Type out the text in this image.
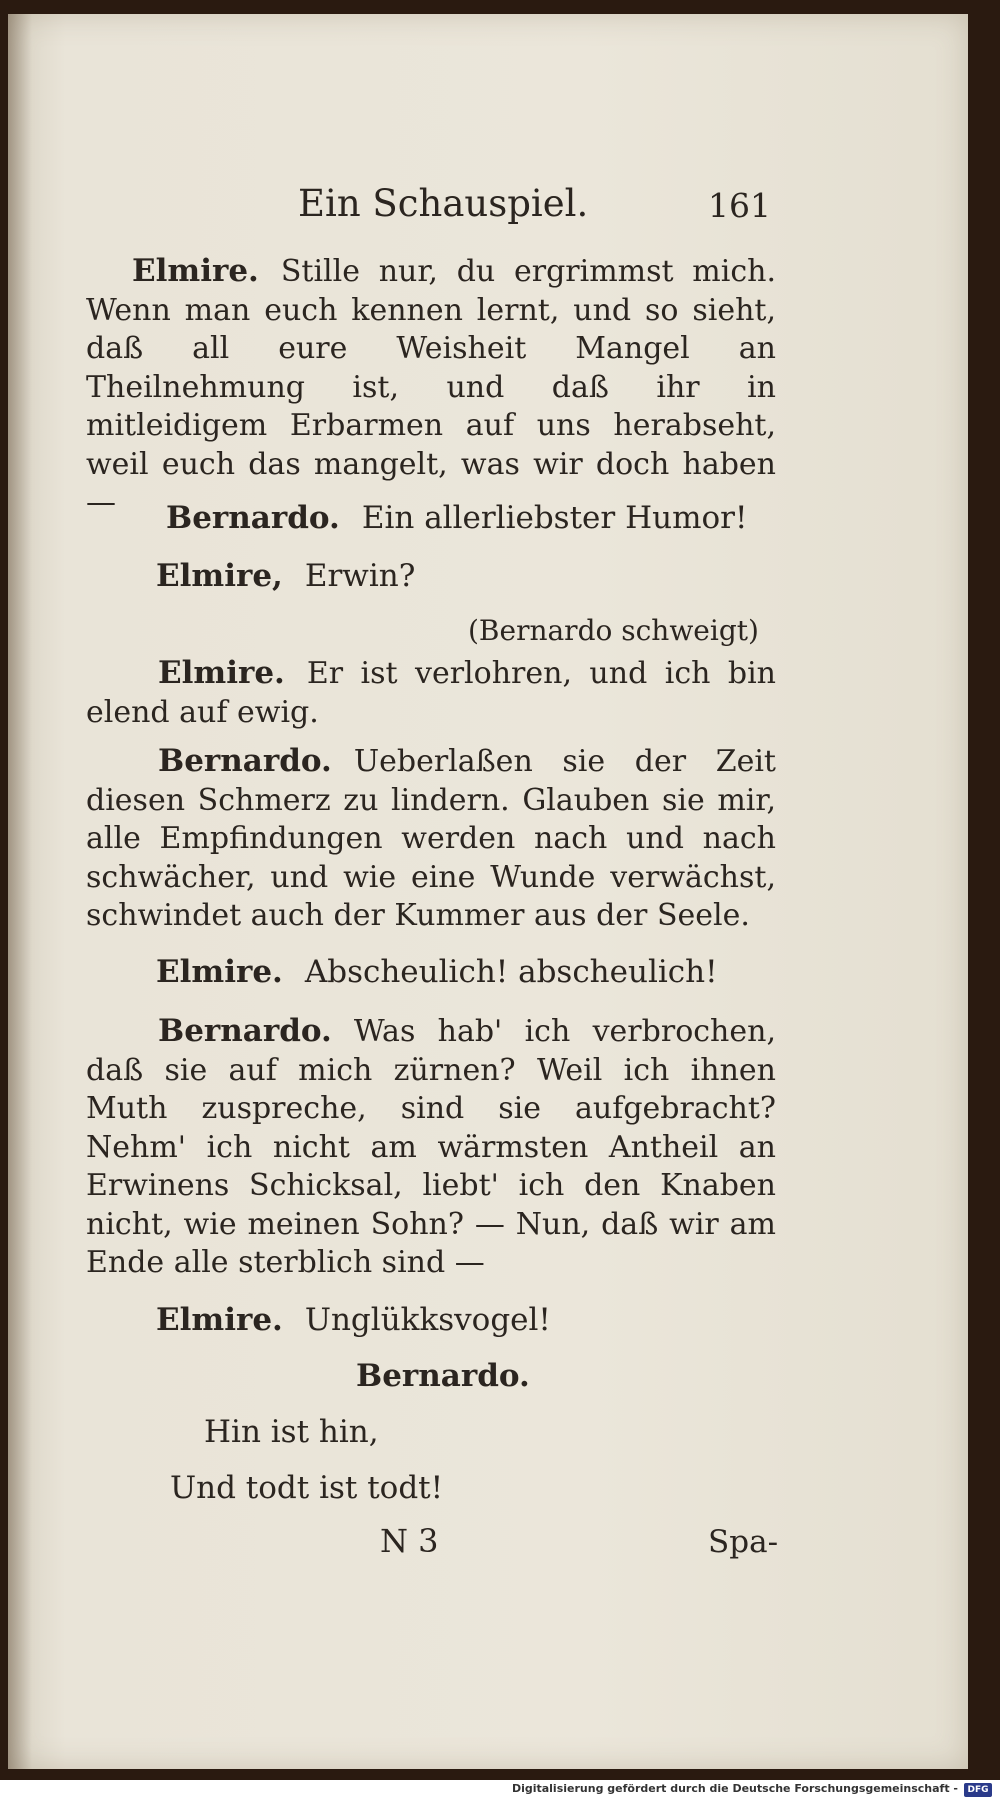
Ein Schauspiel.	161
Elmire. Stille nur, du ergrimmst mich. Wenn man euch kennen lernt, und so sieht, daß all eure Weisheit Mangel an Theilnehmung ist, und daß ihr in mitleidigem Erbarmen auf uns herabseht, weil euch das mangelt, was wir doch haben —	Bernardo. Ein allerliebster Humor!
Elmire, Erwin?
(Bernardo schweigt)
Elmire. Er ist verlohren, und ich bin elend auf ewig.
Bernardo. Ueberlaßen sie der Zeit diesen Schmerz zu lindern. Glauben sie mir, alle Empfindungen werden nach und nach schwächer, und wie eine Wunde verwächst, schwindet auch der Kummer aus der Seele.
Elmire. Abscheulich! abscheulich!
Bernardo. Was hab' ich verbrochen, daß sie auf mich zürnen? Weil ich ihnen Muth zuspreche, sind sie aufgebracht? Nehm' ich nicht am wärmsten Antheil an Erwinens Schicksal, liebt' ich den Knaben nicht, wie meinen Sohn? — Nun, daß wir am Ende alle sterblich sind —
Elmire. Unglükksvogel!
Bernardo.
Hin ist hin,
Und todt ist todt!
N 3	Spa-
Digitalisierung gefördert durch die Deutsche Forschungsgemeinschaft -	DFG
